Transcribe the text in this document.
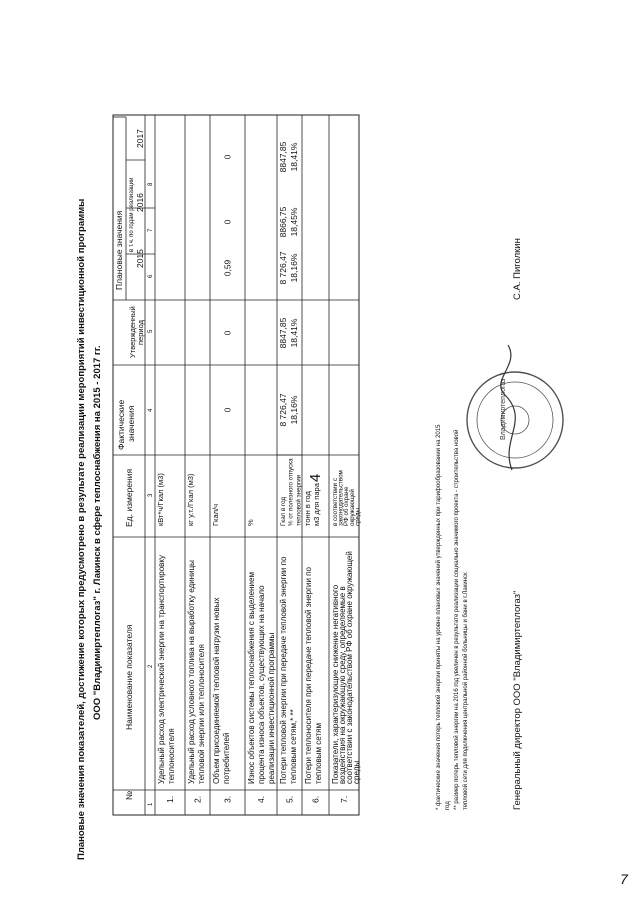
4
Плановые значения показателей, достижение которых предусмотрено в результате реализации мероприятий инвестиционной программы ООО "Владимиртеплогаз" г. Лакинск в сфере теплоснабжения на 2015 - 2017 гг.
№
Наименование показателя
Ед. измерения
Фактические значения
Плановые значения
Утвержденный период
в т.ч. по годам реализации
2015
2016
2017
1
2
3
4
5
6
7
8
1.
Удельный расход электрической энергии на транспортировку теплоносителя
кВт*ч/Гкал (м3)
2.
Удельный расход условного топлива на выработку единицы тепловой энергии или теплоносителя
кг у.т./Гкал (м3)
3.
Объем присоединяемой тепловой нагрузки новых потребителей
Гкал/ч
0
0
0,59
0
0
4.
Износ объектов системы теплоснабжения с выделением процента износа объектов, существующих на начало реализации инвестиционной программы
%
5.
Потери тепловой энергии при передаче тепловой энергии по тепловым сетям,* **
Гкал в год % от полезного отпуска тепловой энергии
8 726,47 18,16%
8847,85 18,41%
8 726,47 18,16%
8866,75 18,45%
8847,85 18,41%
6.
Потери теплоносителя при передаче тепловой энергии по тепловым сетям
тонн в год м3 для пара
7.
Показатели, характеризующие снижение негативного
воздействия на окружающую среду, определяемые в
соответствии с законодательством РФ об охране окружающей
среды
в соответствии с
законодательством
РФ об охране
окружающей
среды	* фактические значения потерь тепловой энергии приняты на уровне плановых значений утвержденных при тарифообразовании на 2015 год ** размер потерь тепловой энергии на 2016 год увеличен в результате реализации социально значимого проекта - строительства новой тепловой сети для подключения центральной районной больницы и бани в г.Лакинск	Генеральный директор ООО "Владимиртеплогаз"
С.А. Пиголкин
Владимиртеплогаз
7
